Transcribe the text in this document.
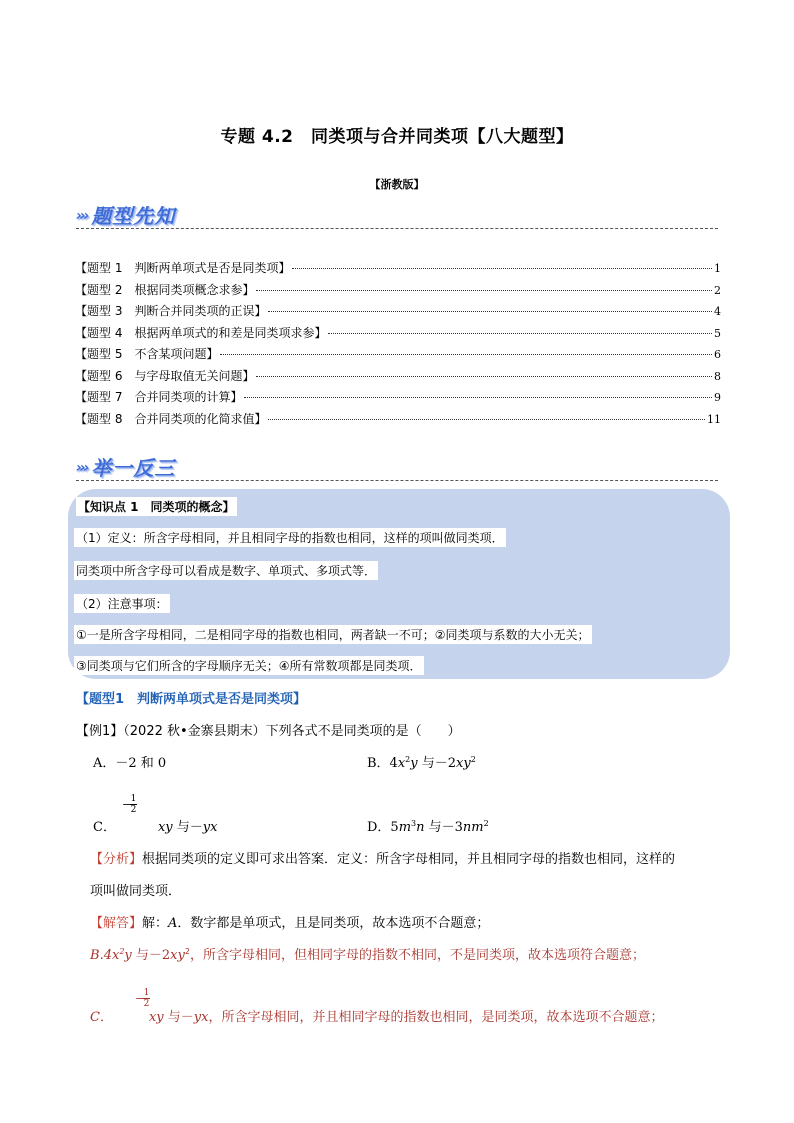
专题 4.2　同类项与合并同类项【八大题型】
【浙教版】
››› 题型先知
【题型 1　判断两单项式是否是同类项】	1
【题型 2　根据同类项概念求参】	2
【题型 3　判断合并同类项的正误】	4
【题型 4　根据两单项式的和差是同类项求参】	5
【题型 5　不含某项问题】	6
【题型 6　与字母取值无关问题】	8
【题型 7　合并同类项的计算】	9
【题型 8　合并同类项的化简求值】	11
››› 举一反三
【知识点 1　同类项的概念】
（1）定义：所含字母相同，并且相同字母的指数也相同，这样的项叫做同类项．
同类项中所含字母可以看成是数字、单项式、多项式等．
（2）注意事项：
①一是所含字母相同，二是相同字母的指数也相同，两者缺一不可；②同类项与系数的大小无关；
③同类项与它们所含的字母顺序无关；④所有常数项都是同类项．
【题型1　判断两单项式是否是同类项】
【例1】（2022 秋•金寨县期末）下列各式不是同类项的是（　　）
A．－2 和 0	B．$4x^2y$ 与$-2xy^2$
− 1
2
C．	xy 与－yx	D．$5m^3n$ 与$-3nm^2$
【分析】根据同类项的定义即可求出答案．定义：所含字母相同，并且相同字母的指数也相同，这样的
项叫做同类项．
【解答】解：A．数字都是单项式，且是同类项，故本选项不合题意；
$B.4x^2y$ 与$-2xy^2$，所含字母相同，但相同字母的指数不相同，不是同类项，故本选项符合题意；
− 1
2
C．	xy 与－yx，所含字母相同，并且相同字母的指数也相同，是同类项，故本选项不合题意；
